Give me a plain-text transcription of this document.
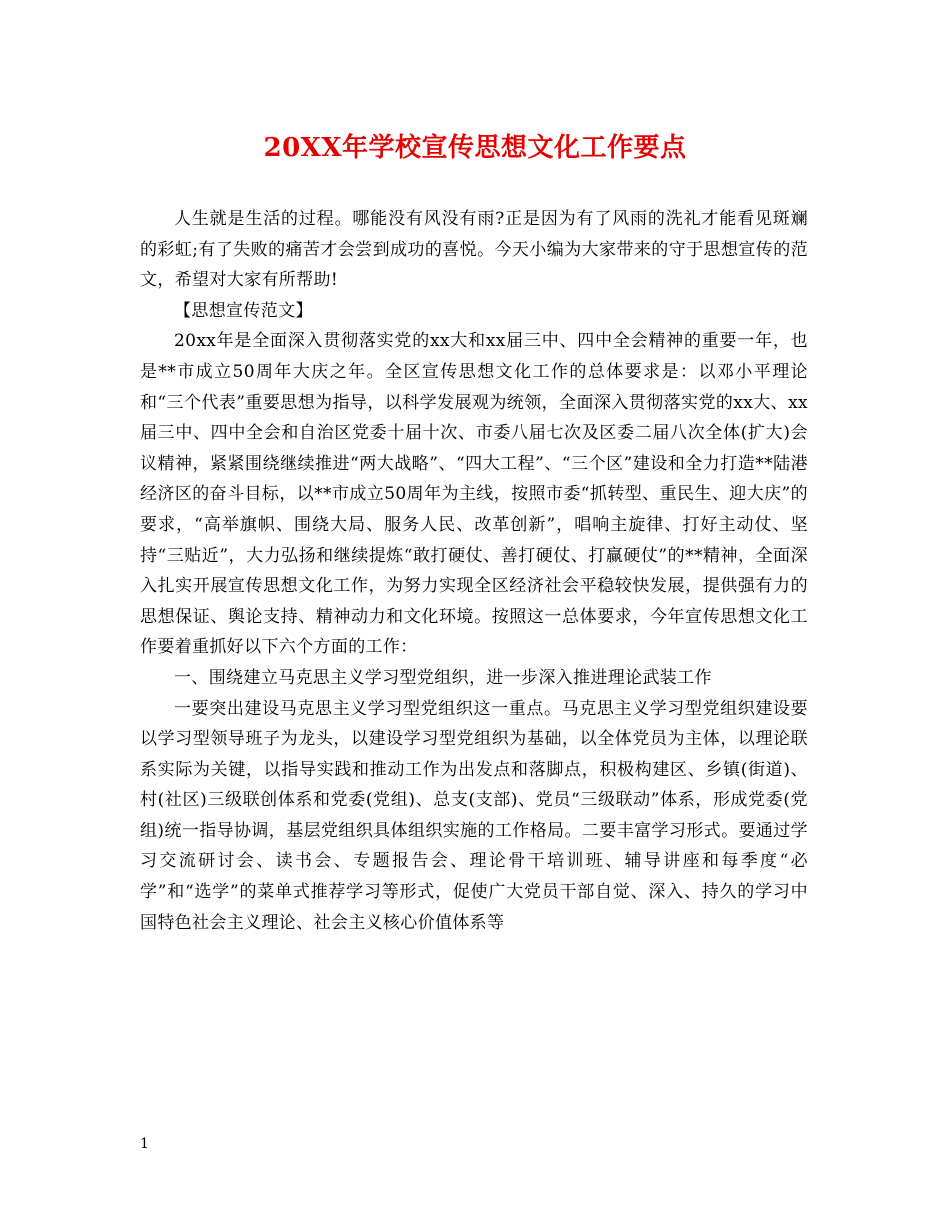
20XX年学校宣传思想文化工作要点

人生就是生活的过程。哪能没有风没有雨?正是因为有了风雨的洗礼才能看见斑斓的彩虹;有了失败的痛苦才会尝到成功的喜悦。今天小编为大家带来的守于思想宣传的范文，希望对大家有所帮助!

【思想宣传范文】

20xx年是全面深入贯彻落实党的xx大和xx届三中、四中全会精神的重要一年，也是**市成立50周年大庆之年。全区宣传思想文化工作的总体要求是：以邓小平理论和“三个代表”重要思想为指导，以科学发展观为统领，全面深入贯彻落实党的xx大、xx届三中、四中全会和自治区党委十届十次、市委八届七次及区委二届八次全体(扩大)会议精神，紧紧围绕继续推进“两大战略”、“四大工程”、“三个区”建设和全力打造**陆港经济区的奋斗目标，以**市成立50周年为主线，按照市委“抓转型、重民生、迎大庆”的要求，“高举旗帜、围绕大局、服务人民、改革创新”，唱响主旋律、打好主动仗、坚持“三贴近”，大力弘扬和继续提炼“敢打硬仗、善打硬仗、打赢硬仗”的**精神，全面深入扎实开展宣传思想文化工作，为努力实现全区经济社会平稳较快发展，提供强有力的思想保证、舆论支持、精神动力和文化环境。按照这一总体要求，今年宣传思想文化工作要着重抓好以下六个方面的工作：

一、围绕建立马克思主义学习型党组织，进一步深入推进理论武装工作

一要突出建设马克思主义学习型党组织这一重点。马克思主义学习型党组织建设要以学习型领导班子为龙头，以建设学习型党组织为基础，以全体党员为主体，以理论联系实际为关键，以指导实践和推动工作为出发点和落脚点，积极构建区、乡镇(街道)、村(社区)三级联创体系和党委(党组)、总支(支部)、党员“三级联动”体系，形成党委(党组)统一指导协调，基层党组织具体组织实施的工作格局。二要丰富学习形式。要通过学习交流研讨会、读书会、专题报告会、理论骨干培训班、辅导讲座和每季度“必学”和“选学”的菜单式推荐学习等形式，促使广大党员干部自觉、深入、持久的学习中国特色社会主义理论、社会主义核心价值体系等

1
